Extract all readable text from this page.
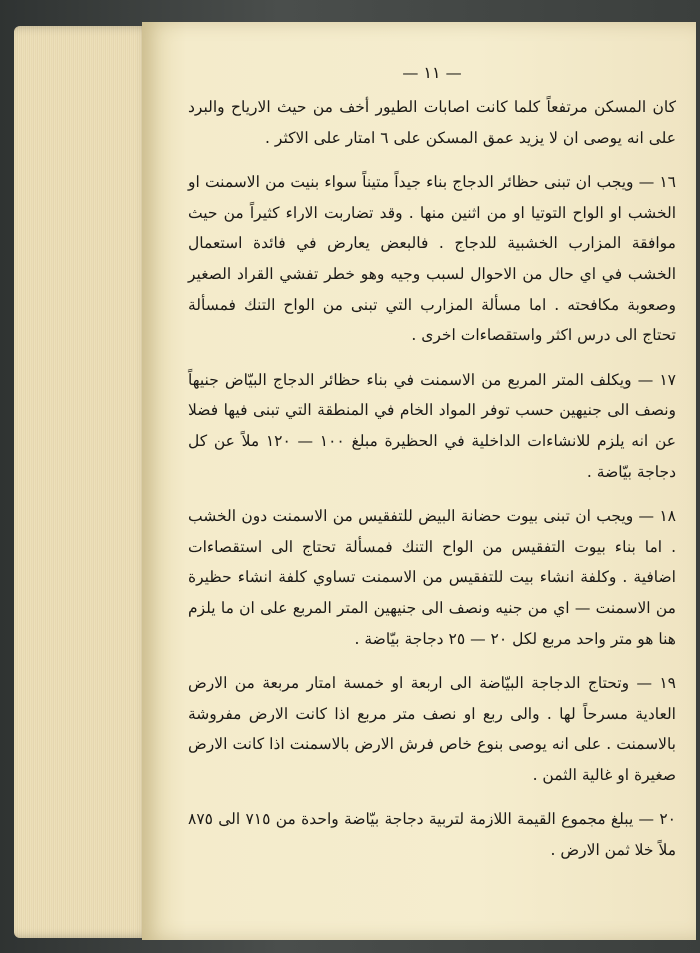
— ١١ —

كان المسكن مرتفعاً كلما كانت اصابات الطيور أخف من حيث الارياح والبرد على انه يوصى ان لا يزيد عمق المسكن على ٦ امتار على الاكثر .

١٦ — ويجب ان تبنى حظائر الدجاج بناء جيداً متيناً سواء بنيت من الاسمنت او الخشب او الواح التوتيا او من اثنين منها . وقد تضاربت الاراء كثيراً من حيث موافقة المزارب الخشبية للدجاج . فالبعض يعارض في فائدة استعمال الخشب في اي حال من الاحوال لسبب وجيه وهو خطر تفشي القراد الصغير وصعوبة مكافحته . اما مسألة المزارب التي تبنى من الواح التنك فمسألة تحتاج الى درس اكثر واستقصاءات اخرى .

١٧ — ويكلف المتر المربع من الاسمنت في بناء حظائر الدجاج البيّاض جنيهاً ونصف الى جنيهين حسب توفر المواد الخام في المنطقة التي تبنى فيها فضلا عن انه يلزم للانشاءات الداخلية في الحظيرة مبلغ ١٠٠ — ١٢٠ ملاً عن كل دجاجة بيّاضة .

١٨ — ويجب ان تبنى بيوت حضانة البيض للتفقيس من الاسمنت دون الخشب . اما بناء بيوت التفقيس من الواح التنك فمسألة تحتاج الى استقصاءات اضافية . وكلفة انشاء بيت للتفقيس من الاسمنت تساوي كلفة انشاء حظيرة من الاسمنت — اي من جنيه ونصف الى جنيهين المتر المربع على ان ما يلزم هنا هو متر واحد مربع لكل ٢٠ — ٢٥ دجاجة بيّاضة .

١٩ — وتحتاج الدجاجة البيّاضة الى اربعة او خمسة امتار مربعة من الارض العادية مسرحاً لها . والى ربع او نصف متر مربع اذا كانت الارض مفروشة بالاسمنت . على انه يوصى بنوع خاص فرش الارض بالاسمنت اذا كانت الارض صغيرة او غالية الثمن .

٢٠ — يبلغ مجموع القيمة اللازمة لتربية دجاجة بيّاضة واحدة من ٧١٥ الى ٨٧٥ ملاً خلا ثمن الارض .
